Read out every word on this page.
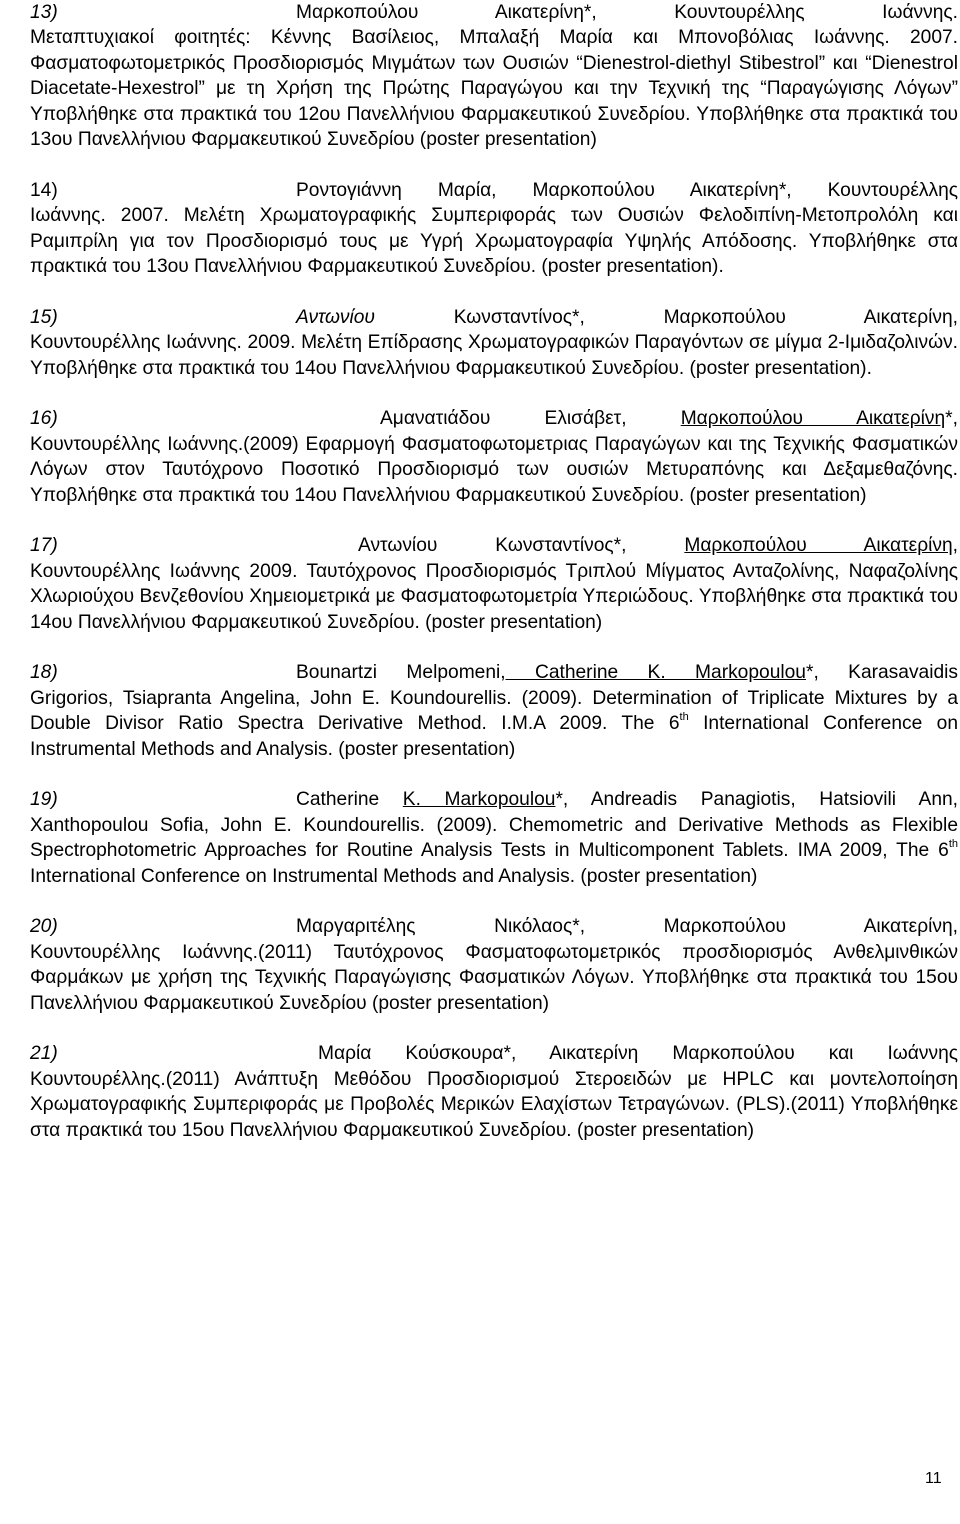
13)	Μαρκοπούλου Αικατερίνη*, Κουντουρέλλης Ιωάννης.
Μεταπτυχιακοί φοιτητές: Κέννης Βασίλειος, Μπαλαξή Μαρία και Μπονοβόλιας Ιωάννης. 2007. Φασματοφωτομετρικός Προσδιορισμός Μιγμάτων των Ουσιών “Dienestrol-diethyl Stibestrol” και “Dienestrol Diacetate-Hexestrol” με τη Χρήση της Πρώτης Παραγώγου και την Τεχνική της “Παραγώγισης Λόγων” Υποβλήθηκε στα πρακτικά του 12ου Πανελλήνιου Φαρμακευτικού Συνεδρίου. Υποβλήθηκε στα πρακτικά του 13ου Πανελλήνιου Φαρμακευτικού Συνεδρίου (poster presentation)
14)	Ροντογιάννη Μαρία, Μαρκοπούλου Αικατερίνη*, Κουντουρέλλης
Ιωάννης. 2007. Μελέτη Χρωματογραφικής Συμπεριφοράς των Ουσιών Φελοδιπίνη-Μετοπρολόλη και Ραμιπρίλη για τον Προσδιορισμό τους με Υγρή Χρωματογραφία Υψηλής Απόδοσης. Υποβλήθηκε στα πρακτικά του 13ου Πανελλήνιου Φαρμακευτικού Συνεδρίου. (poster presentation).
15)	Αντωνίου Κωνσταντίνος*, Μαρκοπούλου Αικατερίνη,
Κουντουρέλλης Ιωάννης. 2009. Μελέτη Επίδρασης Χρωματογραφικών Παραγόντων σε μίγμα 2-Ιμιδαζολινών. Υποβλήθηκε στα πρακτικά του 14ου Πανελλήνιου Φαρμακευτικού Συνεδρίου. (poster presentation).
16)	Αμανατιάδου Ελισάβετ,	Μαρκοπούλου Αικατερίνη*,
Κουντουρέλλης Ιωάννης.(2009) Εφαρμογή Φασματοφωτομετριας Παραγώγων και της Τεχνικής Φασματικών Λόγων στον Ταυτόχρονο Ποσοτικό Προσδιορισμό των ουσιών Μετυραπόνης και Δεξαμεθαζόνης. Υποβλήθηκε στα πρακτικά του 14ου Πανελλήνιου Φαρμακευτικού Συνεδρίου. (poster presentation)
17)	Αντωνίου Κωνσταντίνος*,	Μαρκοπούλου Αικατερίνη,
Κουντουρέλλης Ιωάννης 2009. Ταυτόχρονος Προσδιορισμός Τριπλού Μίγματος Ανταζολίνης, Ναφαζολίνης Χλωριούχου Βενζεθονίου Χημειομετρικά με Φασματοφωτομετρία Υπεριώδους. Υποβλήθηκε στα πρακτικά του 14ου Πανελλήνιου Φαρμακευτικού Συνεδρίου. (poster presentation)
18)	Bounartzi Melpomeni, Catherine K. Markopoulou*, Karasavaidis
Grigorios, Tsiapranta Angelina, John E. Koundourellis. (2009). Determination of Triplicate Mixtures by a Double Divisor Ratio Spectra Derivative Method. I.M.A 2009. The 6th International Conference on Instrumental Methods and Analysis. (poster presentation)
19)	Catherine K. Markopoulou*, Andreadis Panagiotis, Hatsiovili Ann,
Xanthopoulou Sofia, John E. Koundourellis. (2009). Chemometric and Derivative Methods as Flexible Spectrophotometric Approaches for Routine Analysis Tests in Multicomponent Tablets. IMA 2009, The 6th International Conference on Instrumental Methods and Analysis. (poster presentation)
20)	Μαργαριτέλης Νικόλαος*, Μαρκοπούλου Αικατερίνη,
Κουντουρέλλης Ιωάννης.(2011) Ταυτόχρονος Φασματοφωτομετρικός προσδιορισμός Ανθελμινθικών Φαρμάκων με χρήση της Τεχνικής Παραγώγισης Φασματικών Λόγων. Υποβλήθηκε στα πρακτικά του 15ου Πανελλήνιου Φαρμακευτικού Συνεδρίου (poster presentation)
21)	Μαρία Κούσκουρα*, Αικατερίνη Μαρκοπούλου και Ιωάννης
Κουντουρέλλης.(2011) Ανάπτυξη Μεθόδου Προσδιορισμού Στεροειδών με HPLC και μοντελοποίηση Χρωματογραφικής Συμπεριφοράς με Προβολές Μερικών Ελαχίστων Τετραγώνων. (PLS).(2011) Υποβλήθηκε στα πρακτικά του 15ου Πανελλήνιου Φαρμακευτικού Συνεδρίου. (poster presentation)
11
